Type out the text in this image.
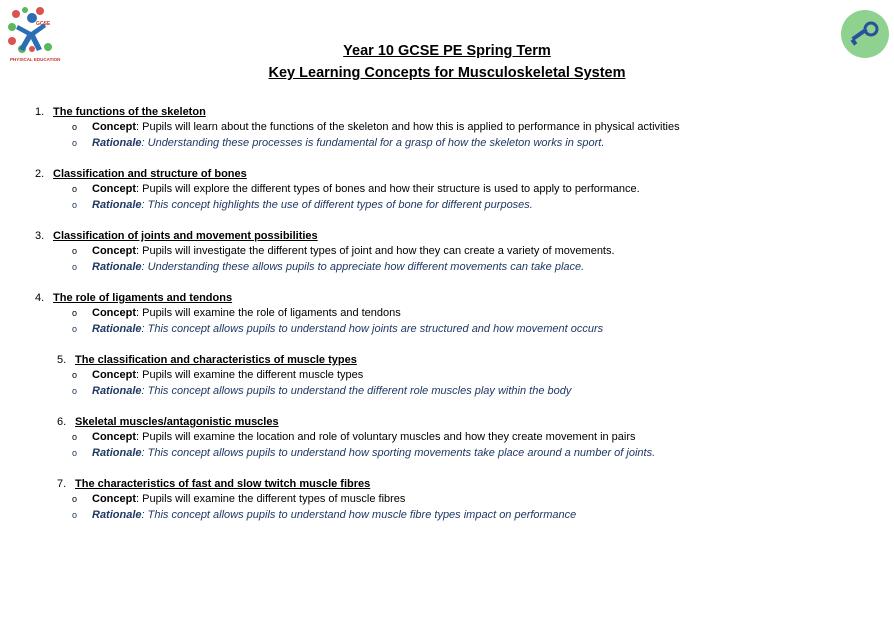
GCSE
PHYSICAL EDUCATION
Year 10 GCSE PE Spring Term
Key Learning Concepts for Musculoskeletal System
1. The functions of the skeleton
o Concept: Pupils will learn about the functions of the skeleton and how this is applied to performance in physical activities
o Rationale: Understanding these processes is fundamental for a grasp of how the skeleton works in sport.
2. Classification and structure of bones
o Concept: Pupils will explore the different types of bones and how their structure is used to apply to performance.
o Rationale: This concept highlights the use of different types of bone for different purposes.
3. Classification of joints and movement possibilities
o Concept: Pupils will investigate the different types of joint and how they can create a variety of movements.
o Rationale: Understanding these allows pupils to appreciate how different movements can take place.
4. The role of ligaments and tendons
o Concept: Pupils will examine the role of ligaments and tendons
o Rationale: This concept allows pupils to understand how joints are structured and how movement occurs
5. The classification and characteristics of muscle types
o Concept: Pupils will examine the different muscle types
o Rationale: This concept allows pupils to understand the different role muscles play within the body
6. Skeletal muscles/antagonistic muscles
o Concept: Pupils will examine the location and role of voluntary muscles and how they create movement in pairs
o Rationale: This concept allows pupils to understand how sporting movements take place around a number of joints.
7. The characteristics of fast and slow twitch muscle fibres
o Concept: Pupils will examine the different types of muscle fibres
o Rationale: This concept allows pupils to understand how muscle fibre types impact on performance
